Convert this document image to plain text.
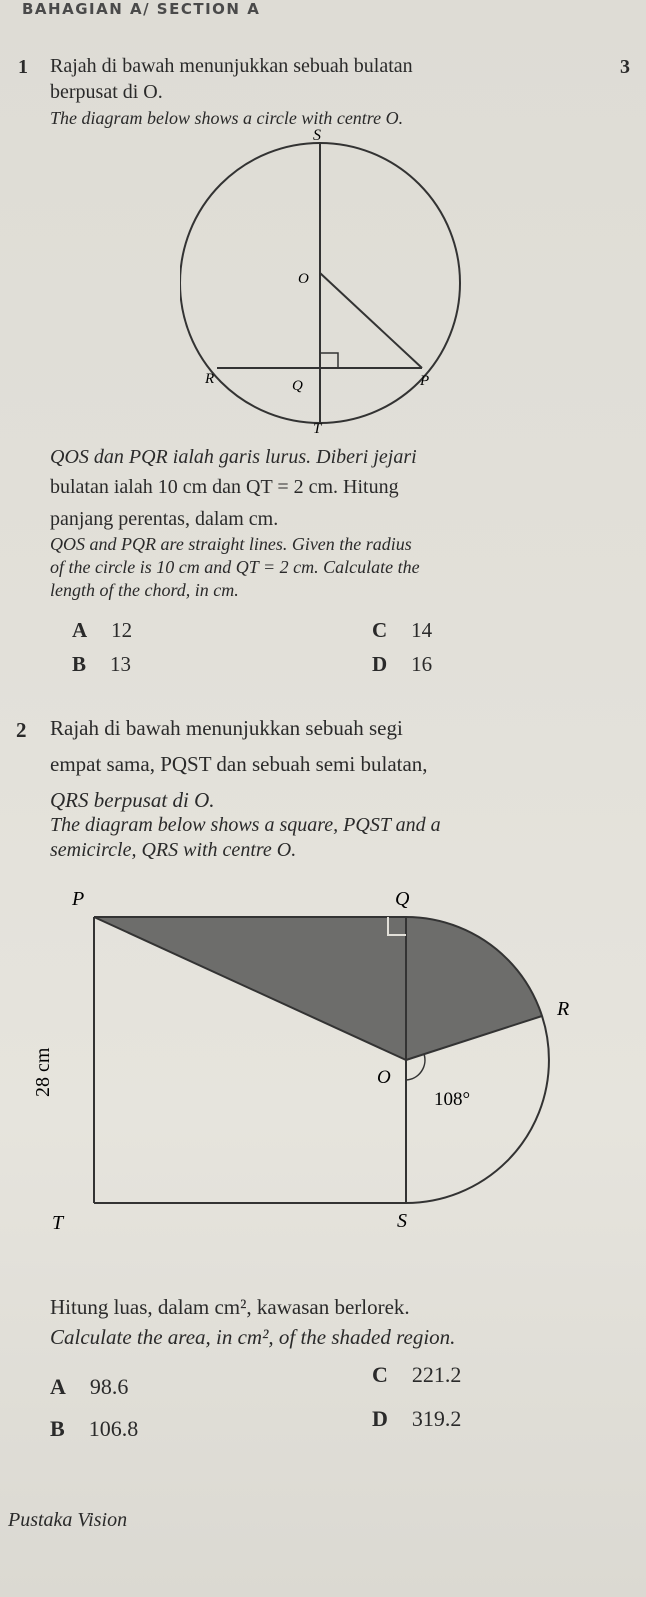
BAHAGIAN A/ SECTION A
1 Rajah di bawah menunjukkan sebuah bulatan	3
berpusat di O.
The diagram below shows a circle with centre O.
S
O
R	Q	P
T
QOS dan PQR ialah garis lurus. Diberi jejari
bulatan ialah 10 cm dan QT = 2 cm. Hitung
panjang perentas, dalam cm.
QOS and PQR are straight lines. Given the radius
of the circle is 10 cm and QT = 2 cm. Calculate the
length of the chord, in cm.
A 12
B 13
C 14
D 16
2 Rajah di bawah menunjukkan sebuah segi
empat sama, PQST dan sebuah semi bulatan,
QRS berpusat di O.
The diagram below shows a square, PQST and a
semicircle, QRS with centre O.
P	Q
R
O
108°
T	S
28 cm
Hitung luas, dalam cm², kawasan berlorek.
Calculate the area, in cm², of the shaded region.
A 98.6
B 106.8
C 221.2
D 319.2
Pustaka Vision
